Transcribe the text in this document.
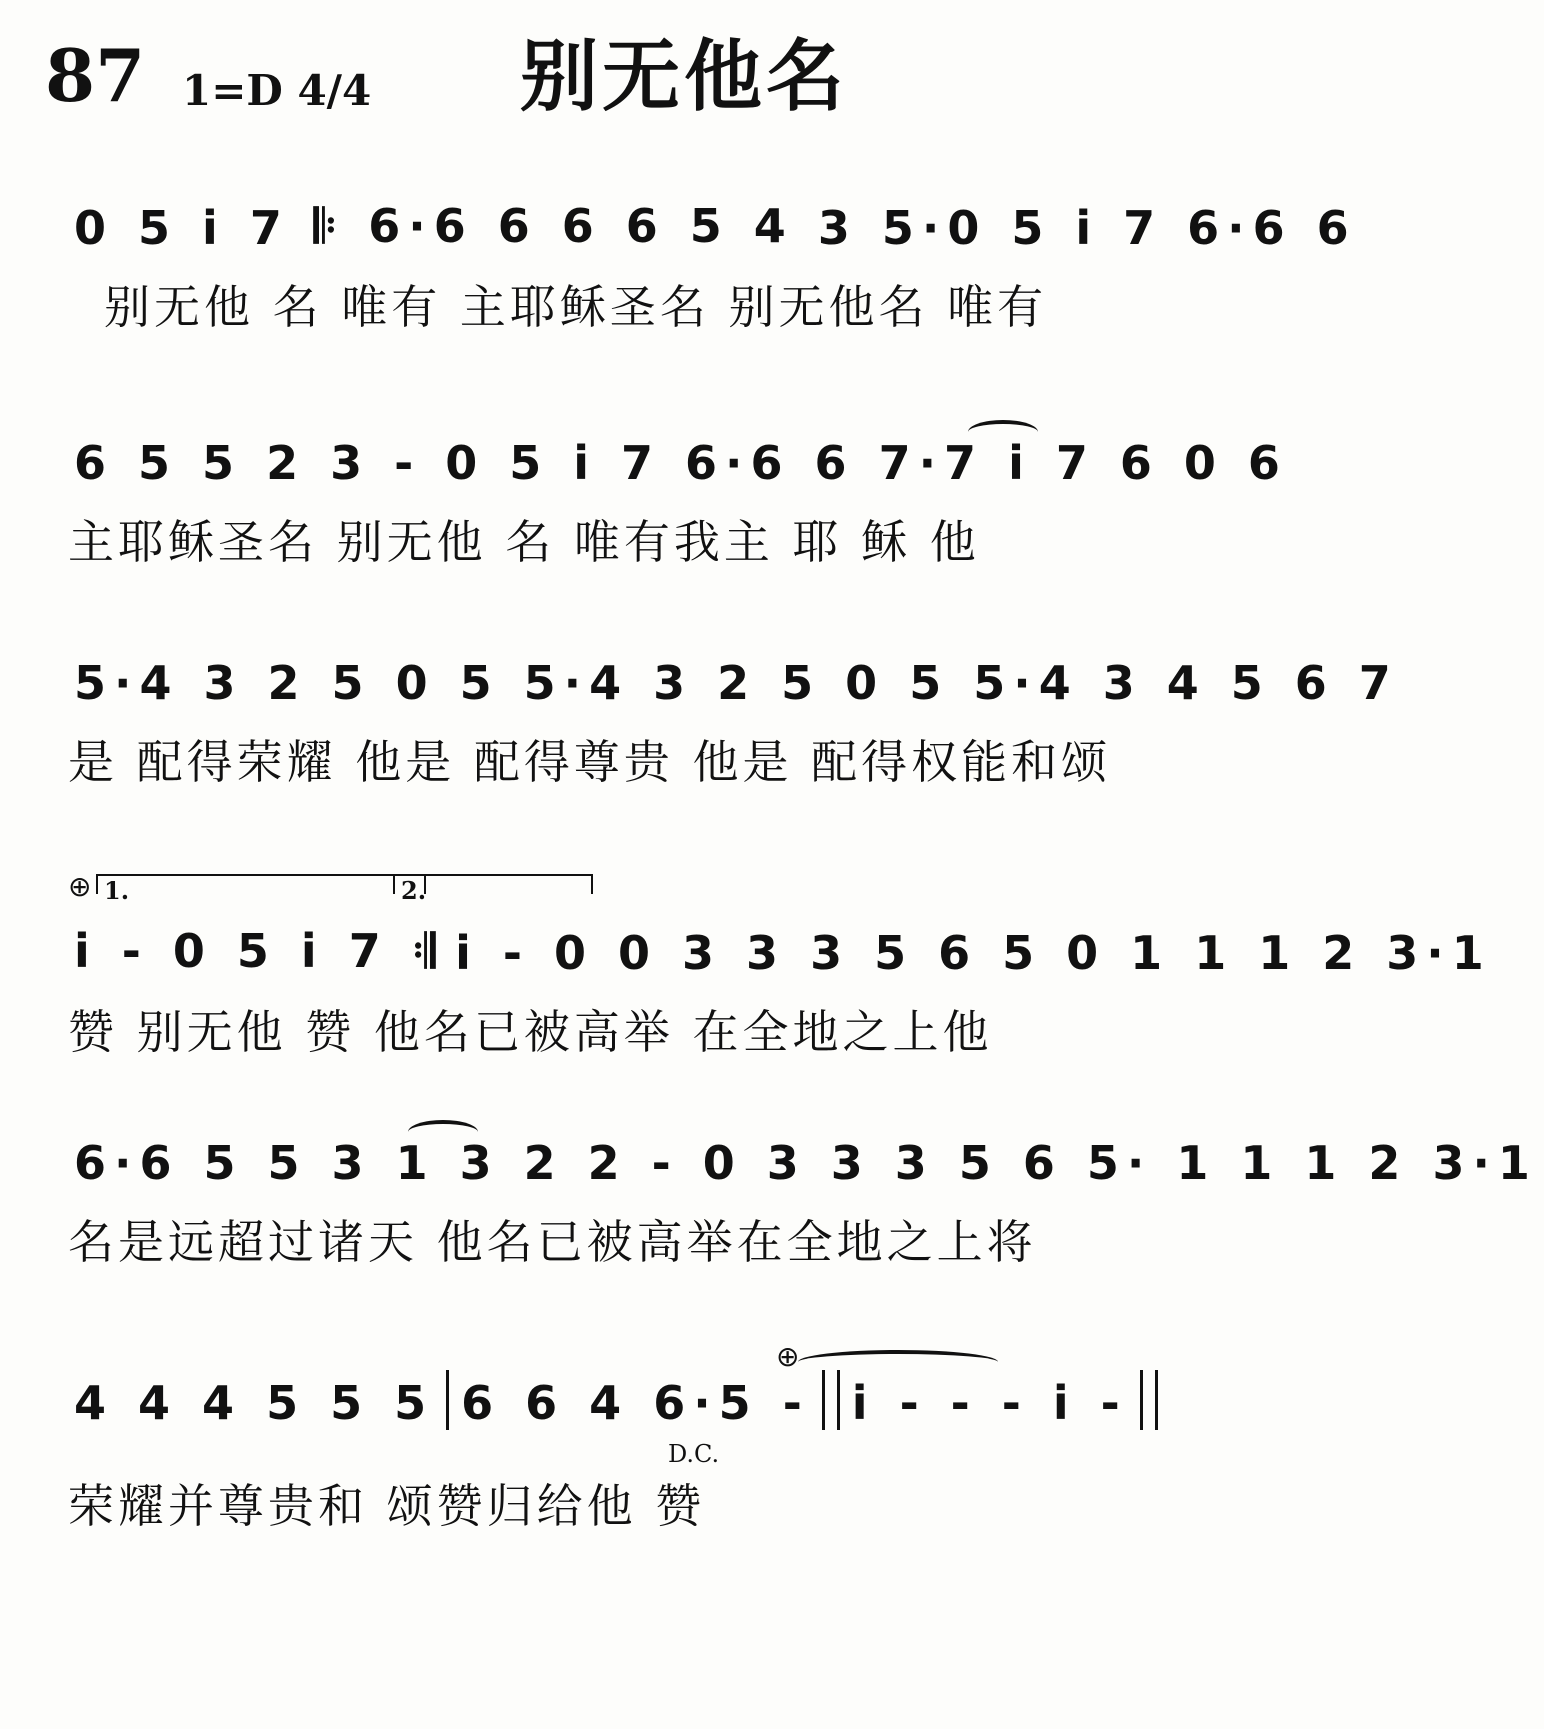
87 1=D 4/4 别无他名
0 5 i 7 𝄆 6·6 6 6 6 5 4 3 5·0 5 i 7 6·6 6
别无他 名 唯有 主耶稣圣名 别无他名 唯有
6 5 5 2 3 - 0 5 i 7 6·6 6 7·7 i 7 6 0 6
主耶稣圣名 别无他 名 唯有我主 耶 稣 他
5·4 3 2 5 0 5 5·4 3 2 5 0 5 5·4 3 4 5 6 7
是 配得荣耀 他是 配得尊贵 他是 配得权能和颂
⊕ 1.	2.
i - 0 5 i 7 𝄇 i - 0 0 3 3 3 5 6 5 0 1 1 1 2 3·1
赞 别无他 赞 他名已被高举 在全地之上他
6·6 5 5 3 1 3 2 2 - 0 3 3 3 5 6 5· 1 1 1 2 3·1
名是远超过诸天 他名已被高举在全地之上将
⊕
4 4 4 5 5 5 6 6 4 6·5 - i - - - i -
D.C.
荣耀并尊贵和 颂赞归给他 赞
